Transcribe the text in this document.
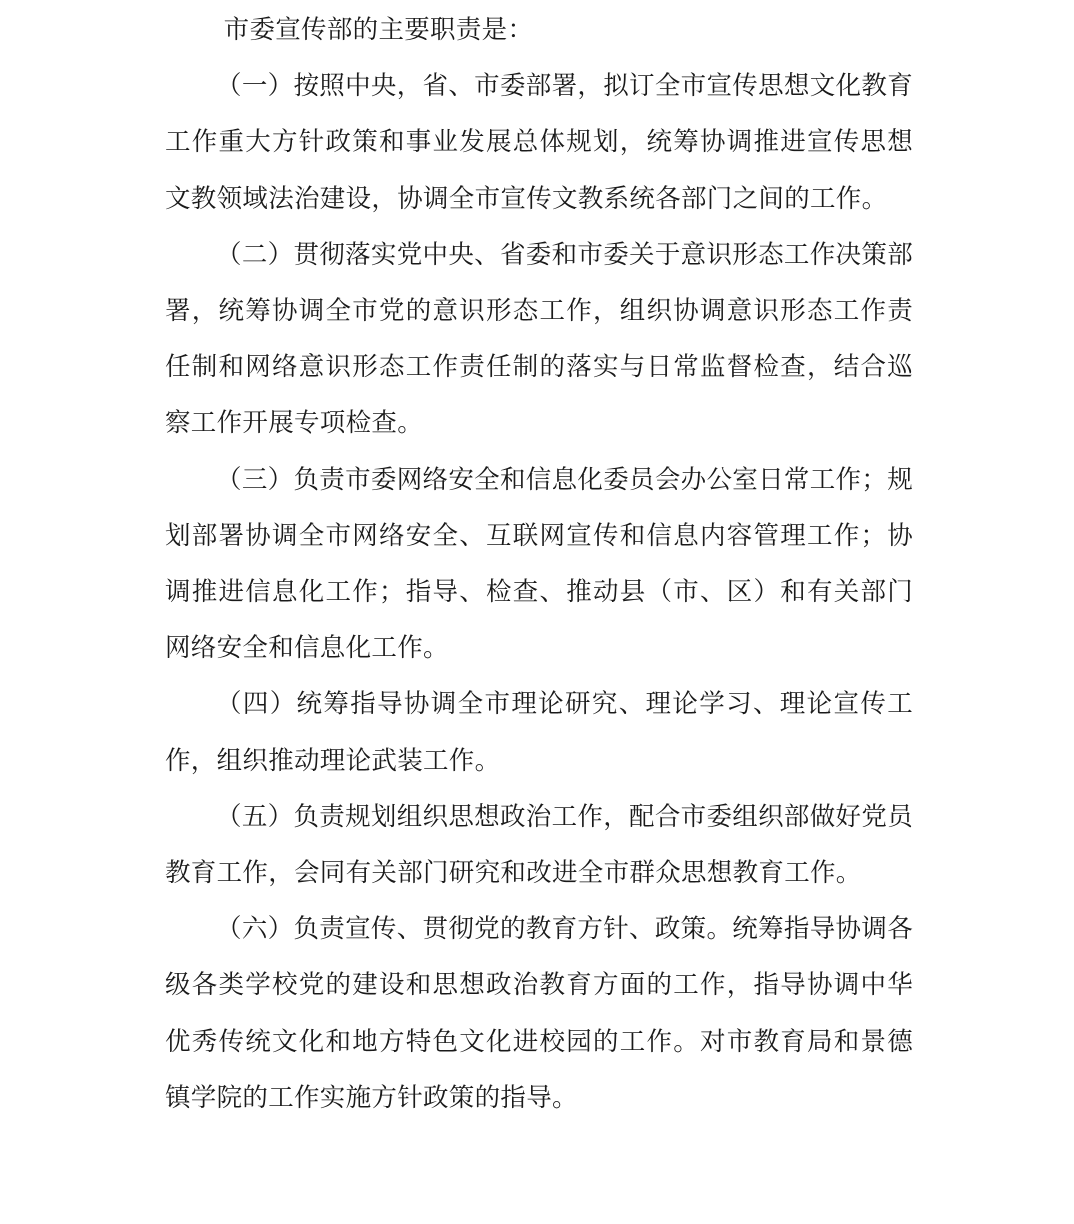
市委宣传部的主要职责是：

（一）按照中央，省、市委部署，拟订全市宣传思想文化教育工作重大方针政策和事业发展总体规划，统筹协调推进宣传思想文教领域法治建设，协调全市宣传文教系统各部门之间的工作。

（二）贯彻落实党中央、省委和市委关于意识形态工作决策部署，统筹协调全市党的意识形态工作，组织协调意识形态工作责任制和网络意识形态工作责任制的落实与日常监督检查，结合巡察工作开展专项检查。

（三）负责市委网络安全和信息化委员会办公室日常工作；规划部署协调全市网络安全、互联网宣传和信息内容管理工作；协调推进信息化工作；指导、检查、推动县（市、区）和有关部门网络安全和信息化工作。

（四）统筹指导协调全市理论研究、理论学习、理论宣传工作，组织推动理论武装工作。

（五）负责规划组织思想政治工作，配合市委组织部做好党员教育工作，会同有关部门研究和改进全市群众思想教育工作。

（六）负责宣传、贯彻党的教育方针、政策。统筹指导协调各级各类学校党的建设和思想政治教育方面的工作，指导协调中华优秀传统文化和地方特色文化进校园的工作。对市教育局和景德镇学院的工作实施方针政策的指导。
